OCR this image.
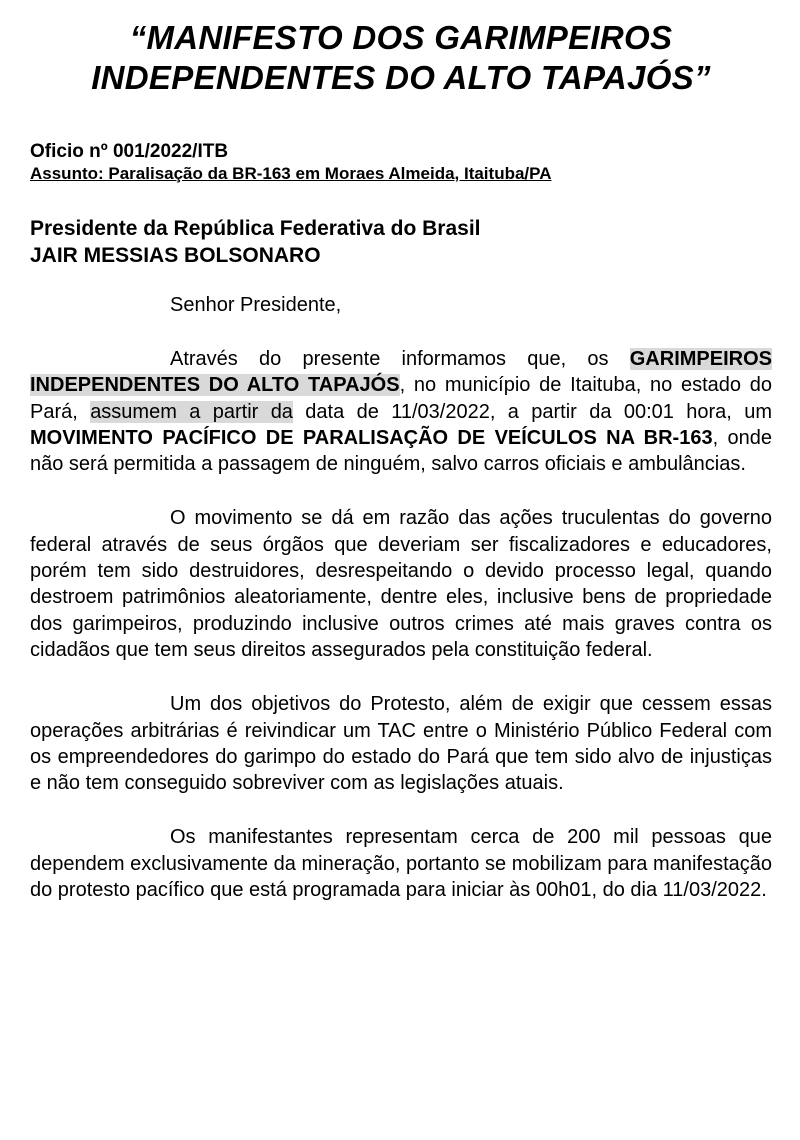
“MANIFESTO DOS GARIMPEIROS
INDEPENDENTES DO ALTO TAPAJÓS”
Oficio nº 001/2022/ITB
Assunto: Paralisação da BR-163 em Moraes Almeida, Itaituba/PA
Presidente da República Federativa do Brasil
JAIR MESSIAS BOLSONARO
Senhor Presidente,

Através do presente informamos que, os GARIMPEIROS INDEPENDENTES DO ALTO TAPAJÓS, no município de Itaituba, no estado do Pará, assumem a partir da data de 11/03/2022, a partir da 00:01 hora, um MOVIMENTO PACÍFICO DE PARALISAÇÃO DE VEÍCULOS NA BR-163, onde não será permitida a passagem de ninguém, salvo carros oficiais e ambulâncias.

O movimento se dá em razão das ações truculentas do governo federal através de seus órgãos que deveriam ser fiscalizadores e educadores, porém tem sido destruidores, desrespeitando o devido processo legal, quando destroem patrimônios aleatoriamente, dentre eles, inclusive bens de propriedade dos garimpeiros, produzindo inclusive outros crimes até mais graves contra os cidadãos que tem seus direitos assegurados pela constituição federal.

Um dos objetivos do Protesto, além de exigir que cessem essas operações arbitrárias é reivindicar um TAC entre o Ministério Público Federal com os empreendedores do garimpo do estado do Pará que tem sido alvo de injustiças e não tem conseguido sobreviver com as legislações atuais.

Os manifestantes representam cerca de 200 mil pessoas que dependem exclusivamente da mineração, portanto se mobilizam para manifestação do protesto pacífico que está programada para iniciar às 00h01, do dia 11/03/2022.
